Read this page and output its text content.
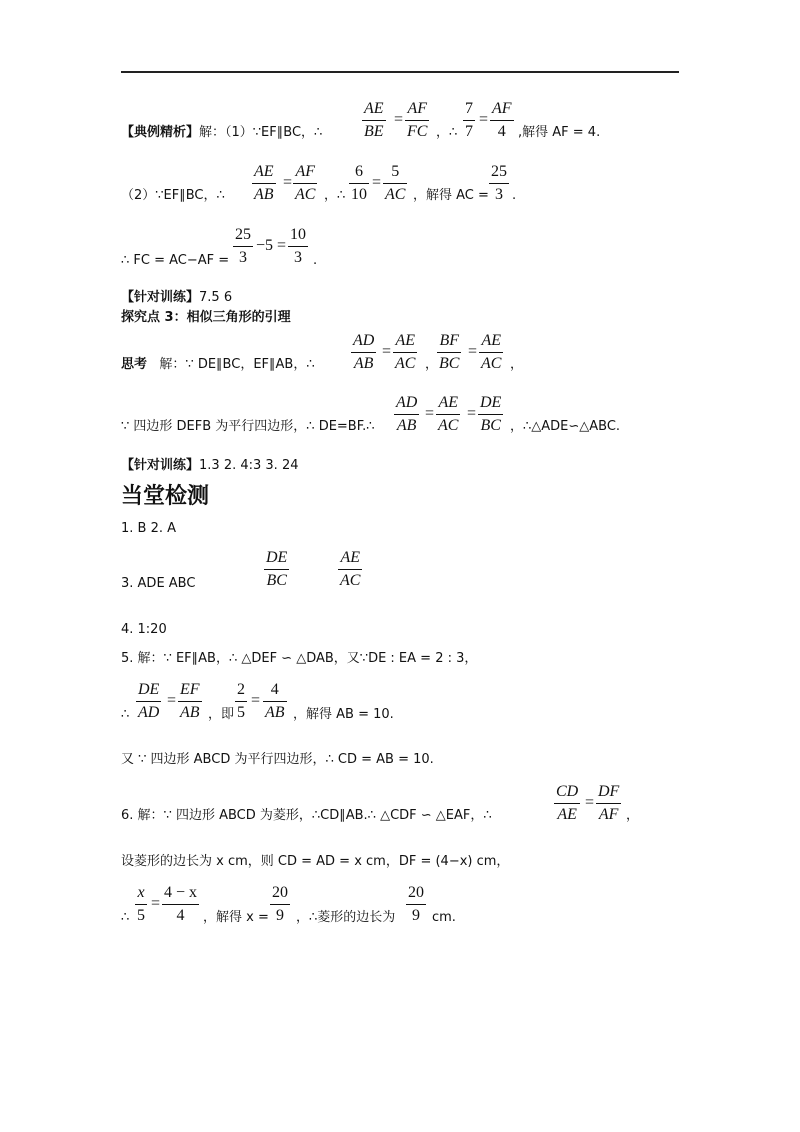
【典例精析】解：（1）∵EF∥BC，∴ $\frac{AE}{BE} = \frac{AF}{FC}$ ，∴ $\frac{7}{7} = \frac{AF}{4}$ ,解得 AF = 4.
（2）∵EF∥BC，∴ $\frac{AE}{AB} = \frac{AF}{AC}$ ，∴ $\frac{6}{10} = \frac{5}{AC}$ ，解得 AC = $\frac{25}{3}$ .
∴ FC = $AC-AF = \frac{25}{3} -5 = \frac{10}{3}$ .
【针对训练】7.5 6
探究点 3：相似三角形的引理
思考 解：∵ DE∥BC，EF∥AB，∴ $\frac{AD}{AB} = \frac{AE}{AC}$ ，
$\frac{BF}{BC} = \frac{AE}{AC}$ ，
∵ 四边形 DEFB 为平行四边形，∴ DE=BF.∴ $\frac{AD}{AB} = \frac{AE}{AC} = \frac{DE}{BC}$ ，∴△ADE∽△ABC.
【针对训练】1.3 2. 4:3 3. 24
当堂检测
1. B 2. A
3. ADE ABC	$\frac{DE}{BC}$	$\frac{AE}{AC}$
4. 1:20
5. 解：∵ EF∥AB，∴ △DEF ∽ △DAB，又∵DE : EA = 2 : 3，
∴ $\frac{DE}{AD} = \frac{EF}{AB}$ ，即 $\frac{2}{5} = \frac{4}{AB}$ ，解得 AB = 10.
又 ∵ 四边形 ABCD 为平行四边形，∴ CD = AB = 10.
6. 解：∵ 四边形 ABCD 为菱形，∴CD∥AB.∴ △CDF ∽ △EAF，∴	$\frac{CD}{AE} = \frac{DF}{AF}$ ，
设菱形的边长为 x cm，则 CD = AD = x cm，DF = (4−x) cm，
∴ $\frac{x}{5} = \frac{4 - x}{4}$ ，解得 $x = \frac{20}{9}$ ，∴菱形的边长为 $\frac{20}{9}$ cm.
